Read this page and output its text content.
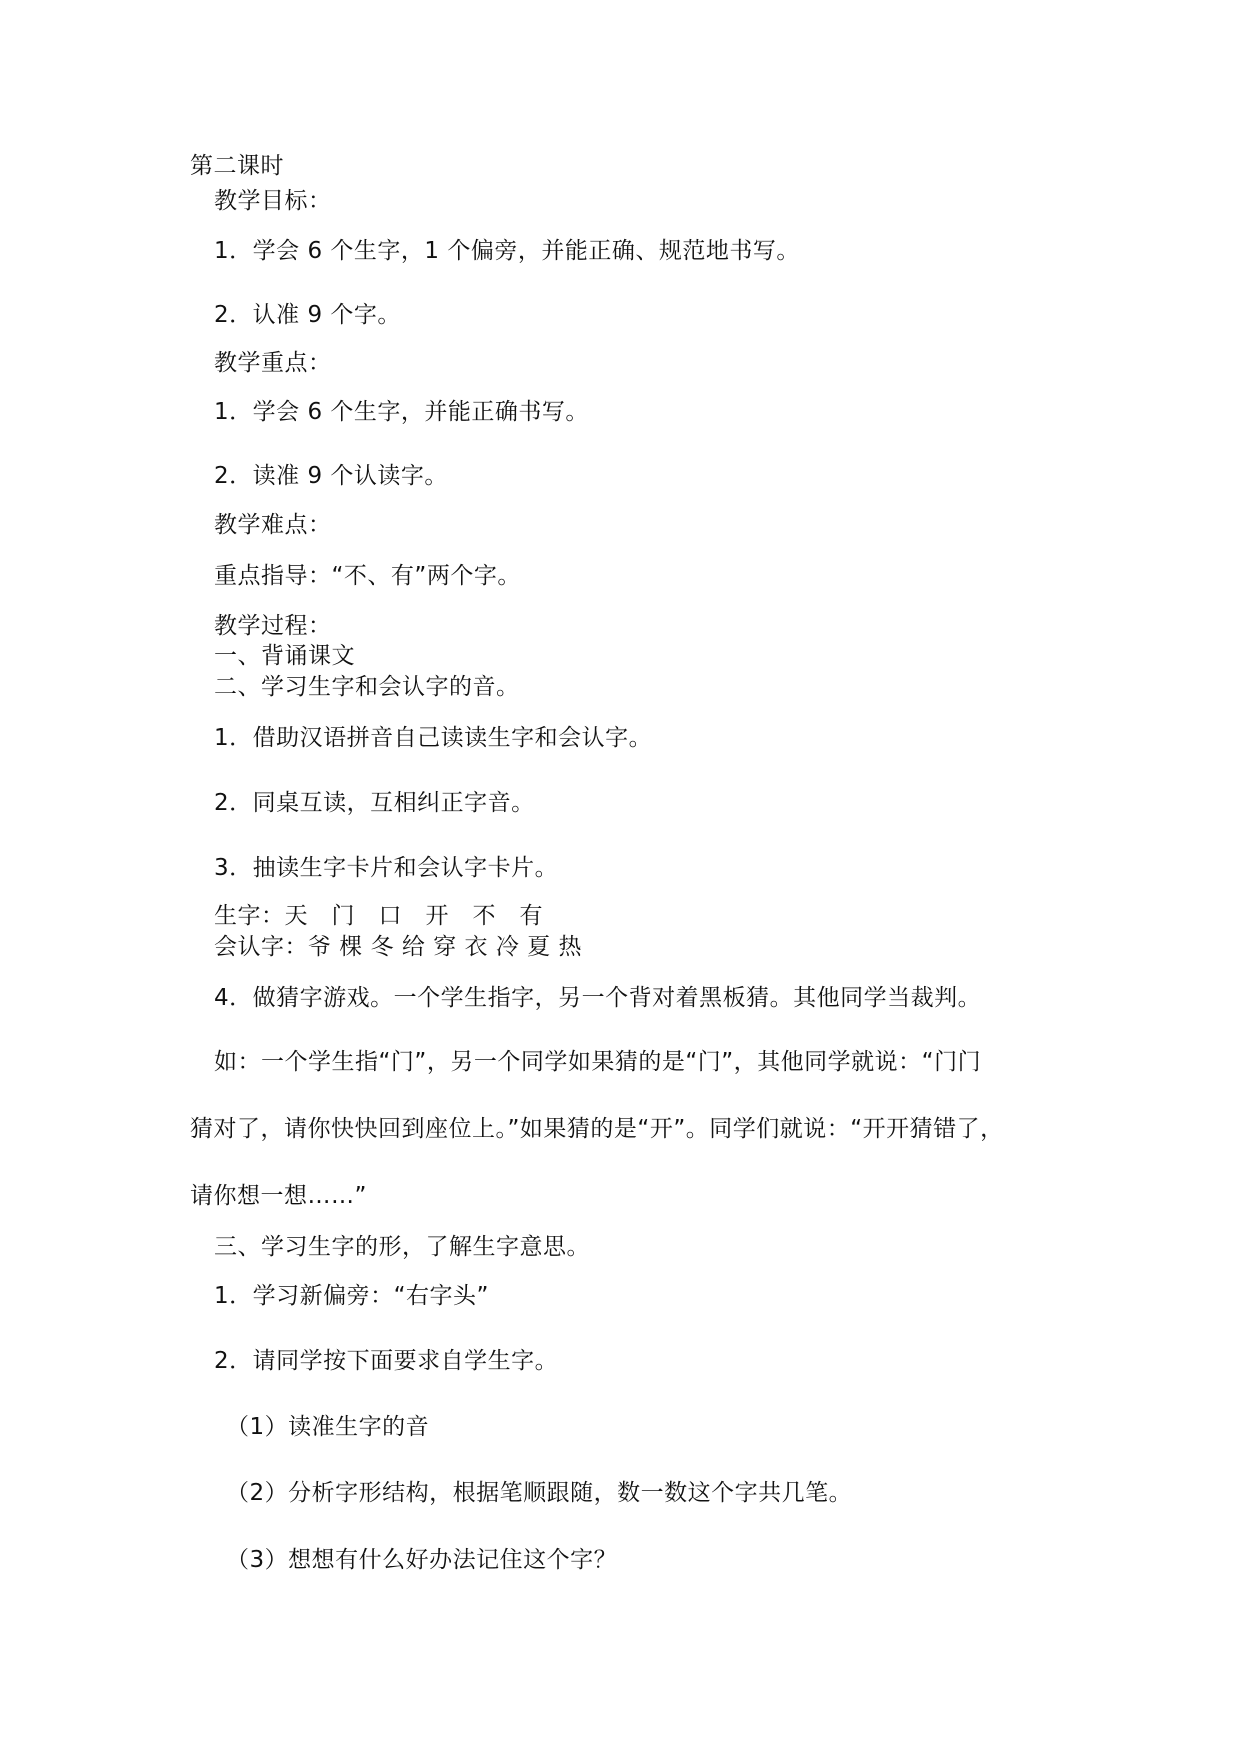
第二课时
教学目标：
1．学会 6 个生字，1 个偏旁，并能正确、规范地书写。
2．认准 9 个字。
教学重点：
1．学会 6 个生字，并能正确书写。
2．读准 9 个认读字。
教学难点：
重点指导：“不、有”两个字。
教学过程：
一、背诵课文
二、学习生字和会认字的音。
1．借助汉语拼音自己读读生字和会认字。
2．同桌互读，互相纠正字音。
3．抽读生字卡片和会认字卡片。
生字：天　门　口　开　不　有
会认字：爷 棵 冬 给 穿 衣 冷 夏 热
4．做猜字游戏。一个学生指字，另一个背对着黑板猜。其他同学当裁判。
如：一个学生指“门”，另一个同学如果猜的是“门”，其他同学就说：“门门
猜对了，请你快快回到座位上。”如果猜的是“开”。同学们就说：“开开猜错了，
请你想一想……”
三、学习生字的形，了解生字意思。
1．学习新偏旁：“右字头”
2．请同学按下面要求自学生字。
（1）读准生字的音
（2）分析字形结构，根据笔顺跟随，数一数这个字共几笔。
（3）想想有什么好办法记住这个字？
